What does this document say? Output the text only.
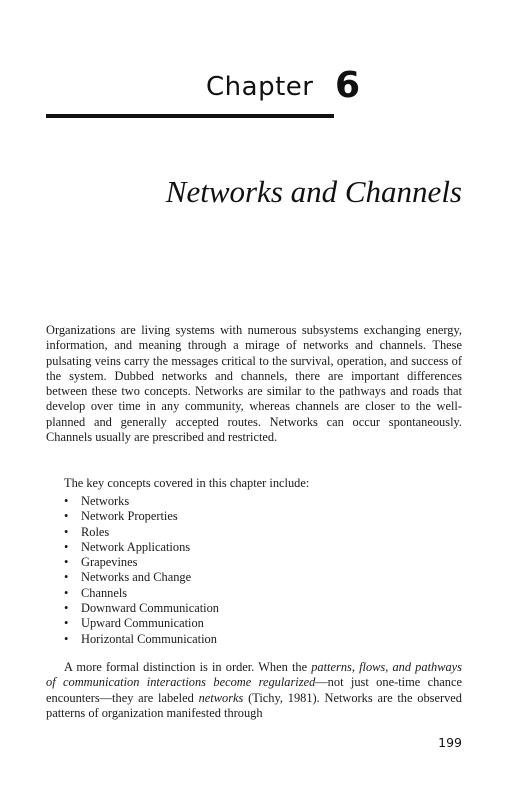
Chapter 6
Networks and Channels

Organizations are living systems with numerous subsystems exchanging energy, information, and meaning through a mirage of networks and channels. These pulsating veins carry the messages critical to the survival, operation, and success of the system. Dubbed networks and channels, there are important differences between these two concepts. Networks are similar to the pathways and roads that develop over time in any community, whereas channels are closer to the well-planned and generally accepted routes. Networks can occur spontaneously. Channels usually are prescribed and restricted.

The key concepts covered in this chapter include:

• Networks
• Network Properties
• Roles
• Network Applications
• Grapevines
• Networks and Change
• Channels
• Downward Communication
• Upward Communication
• Horizontal Communication

A more formal distinction is in order. When the patterns, flows, and pathways of communication interactions become regularized—not just one-time chance encounters—they are labeled networks (Tichy, 1981). Networks are the observed patterns of organization manifested through

199
